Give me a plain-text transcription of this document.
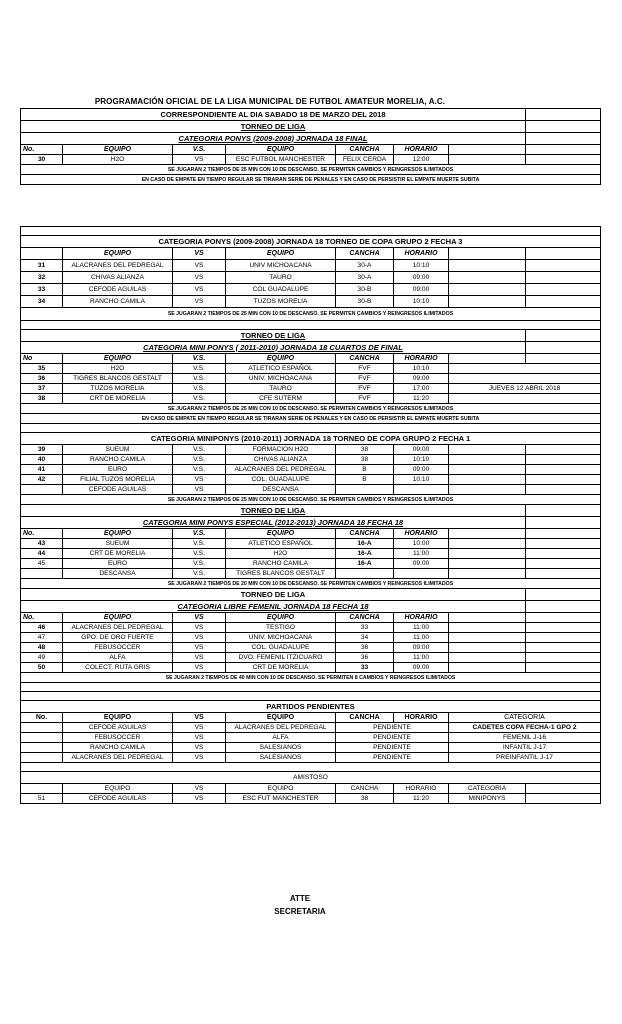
PROGRAMACIÓN OFICIAL DE LA LIGA MUNICIPAL DE FUTBOL AMATEUR MORELIA, A.C.
CORRESPONDIENTE AL DIA SABADO 18 DE MARZO DEL 2018							
TORNEO DE LIGA							
CATEGORIA PONYS (2009-2008) JORNADA 18 FINAL							
No.	EQUIPO	V.S.	EQUIPO	CANCHA	HORARIO		
30	H2O	VS	ESC FUTBOL MANCHESTER	FELIX CERDA	12:00		
SE JUGARAN 2 TIEMPOS DE 25 MIN CON 10 DE DESCANSO. SE PERMITEN CAMBIOS Y REINGRESOS ILIMITADOS							
EN CASO DE EMPATE EN TIEMPO REGULAR SE TIRARAN SERIE DE PENALES Y EN CASO DE PERSISTIR EL EMPATE MUERTE SUBITA							

CATEGORIA PONYS (2009-2008) JORNADA 18 TORNEO DE COPA GRUPO 2 FECHA 3							
	EQUIPO	VS	EQUIPO	CANCHA	HORARIO		
31	ALACRANES DEL PEDREGAL	VS	UNIV MICHOACANA	30-A	10:10		
32	CHIVAS ALIANZA	VS	TAURO	30-A	09:00		
33	CEFODE AGUILAS	VS	COL GUADALUPE	30-B	09:00		
34	RANCHO CAMILA	VS	TUZOS MORELIA	30-B	10:10		
SE JUGARAN 2 TIEMPOS DE 25 MIN CON 10 DE DESCANSO. SE PERMITEN CAMBIOS Y REINGRESOS ILIMITADOS							

TORNEO DE LIGA							
CATEGORIA MINI PONYS ( 2011-2010) JORNADA 18 CUARTOS DE FINAL							
No	EQUIPO	V.S.	EQUIPO	CANCHA	HORARIO		
35	H2O	V.S.	ATLETICO ESPAÑOL	FVF	10:10		
36	TIGRES BLANCOS GESTALT	V.S.	UNIV. MICHOACANA	FVF	09:00		
37	TUZOS MORELIA	V.S.	TAURO	FVF	17:00	JUEVES 12 ABRIL 2018	
38	CRT DE MORELIA	V.S.	CFE SUTERM	FVF	11:20		
SE JUGARAN 2 TIEMPOS DE 25 MIN CON 10 DE DESCANSO. SE PERMITEN CAMBIOS Y REINGRESOS ILIMITADOS							
EN CASO DE EMPATE EN TIEMPO REGULAR SE TIRARAN SERIE DE PENALES Y EN CASO DE PERSISTIR EL EMPATE MUERTE SUBITA							

CATEGORIA MINIPONYS (2010-2011) JORNADA 18 TORNEO DE COPA GRUPO 2 FECHA 1							
39	SUEUM	V.S.	FORMACION H2O	38	09:00		
40	RANCHO CAMILA	V.S.	CHIVAS ALIANZA	38	10:10		
41	EURO	V.S.	ALACRANES DEL PEDREGAL	B	09:00		
42	FILIAL TUZOS MORELIA	VS	COL. GUADALUPE	B	10:10		
	CEFODE AGUILAS	VS	DESCANSA				
SE JUGARAN 2 TIEMPOS DE 25 MIN CON 10 DE DESCANSO. SE PERMITEN CAMBIOS Y REINGRESOS ILIMITADOS							
TORNEO DE LIGA							
CATEGORIA MINI PONYS ESPECIAL (2012-2013) JORNADA 18 FECHA 18							
No.	EQUIPO	V.S.	EQUIPO	CANCHA	HORARIO		
43	SUEUM	V.S.	ATLETICO ESPAÑOL	16-A	10:00		
44	CRT DE MORELIA	V.S.	H2O	16-A	11:00		
45	EURO	V.S.	RANCHO CAMILA	16-A	09:00		
	DESCANSA	V.S.	TIGRES BLANCOS GESTALT				
SE JUGARAN 2 TIEMPOS DE 20 MIN CON 10 DE DESCANSO. SE PERMITEN CAMBIOS Y REINGRESOS ILIMITADOS							
TORNEO DE LIGA							
CATEGORIA LIBRE FEMENIL JORNADA 18 FECHA 18							
No.	EQUIPO	VS	EQUIPO	CANCHA	HORARIO		
46	ALACRANES DEL PEDREGAL	VS	TESTIGO	33	11:00		
47	GPO. DE ORO FUERTE	VS	UNIV. MICHOACANA	34	11:00		
48	FEBUSOCCER	VS	COL. GUADALUPE	36	09:00		
49	ALFA	VS	DVO. FEMENIL ITZICUARO	36	11:00		
50	COLECT. RUTA GRIS	VS	CRT DE MORELIA	33	09:00		
SE JUGARAN 2 TIEMPOS DE 40 MIN CON 10 DE DESCANSO. SE PERMITEN 8 CAMBIOS Y REINGRESOS ILIMITADOS							

PARTIDOS PENDIENTES							
No.	EQUIPO	VS	EQUIPO	CANCHA	HORARIO	CATEGORIA	
	CEFODE AGUILAS	VS	ALACRANES DEL PEDREGAL	PENDIENTE		CADETES COPA FECHA-1 GPO 2	
	FEBUSOCCER	VS	ALFA	PENDIENTE		FEMENIL J-16	
	RANCHO CAMILA	VS	SALESIANOS	PENDIENTE		INFANTIL J-17	
	ALACRANES DEL PEDREGAL	VS	SALESIANOS	PENDIENTE		PREINFANTIL J-17	

AMISTOSO							
	EQUIPO	VS	EQUIPO	CANCHA	HORARIO	CATEGORIA	
51	CEFODE AGUILAS	VS	ESC FUT MANCHESTER	38	11:20	MINIPONYS	
ATTE
SECRETARIA
